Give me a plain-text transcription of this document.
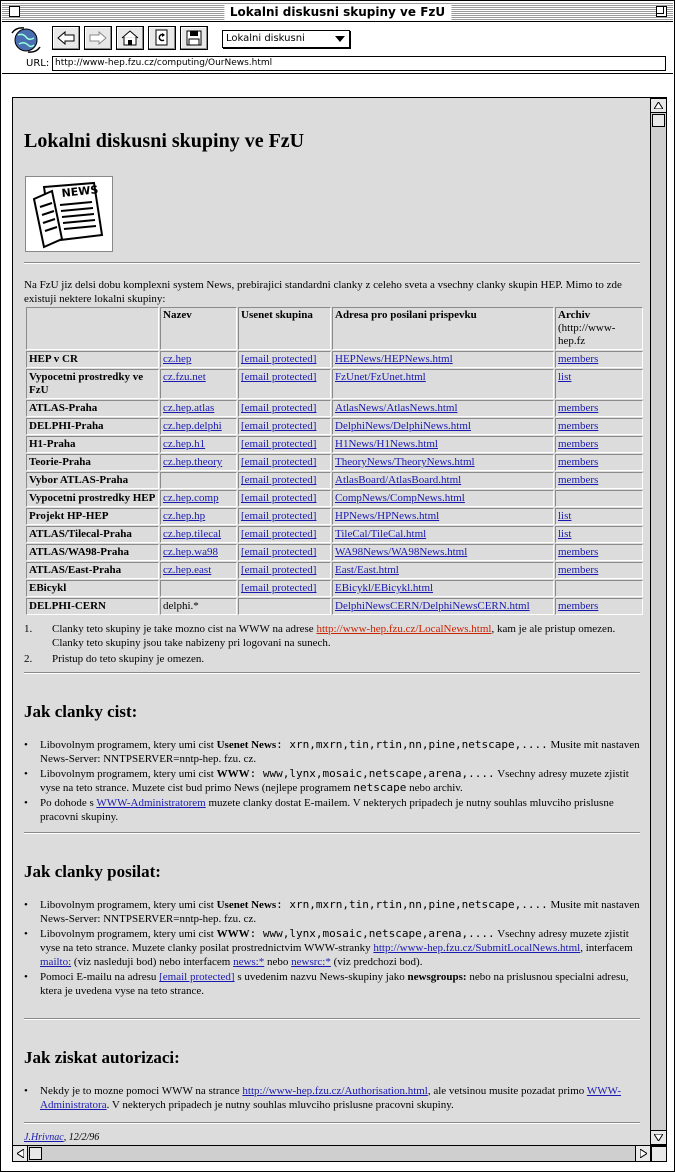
Lokalni diskusni skupiny ve FzU
Lokalni diskusni
URL: http://www-hep.fzu.cz/computing/OurNews.html
Lokalni diskusni skupiny ve FzU
NEWS
Na FzU jiz delsi dobu komplexni system News, prebirajici standardni clanky z celeho sveta a vsechny clanky skupin HEP. Mimo to zde existuji nektere lokalni skupiny:
	Nazev	Usenet skupina	Adresa pro posilani prispevku	Archiv
(http://www-hep.fz
HEP v CR	cz.hep	[email protected]	HEPNews/HEPNews.html	members
Vypocetni prostredky ve FzU	cz.fzu.net	[email protected]	FzUnet/FzUnet.html	list
ATLAS-Praha	cz.hep.atlas	[email protected]	AtlasNews/AtlasNews.html	members
DELPHI-Praha	cz.hep.delphi	[email protected]	DelphiNews/DelphiNews.html	members
H1-Praha	cz.hep.h1	[email protected]	H1News/H1News.html	members
Teorie-Praha	cz.hep.theory	[email protected]	TheoryNews/TheoryNews.html	members
Vybor ATLAS-Praha		[email protected]	AtlasBoard/AtlasBoard.html	members
Vypocetni prostredky HEP	cz.hep.comp	[email protected]	CompNews/CompNews.html	
Projekt HP-HEP	cz.hep.hp	[email protected]	HPNews/HPNews.html	list
ATLAS/Tilecal-Praha	cz.hep.tilecal	[email protected]	TileCal/TileCal.html	list
ATLAS/WA98-Praha	cz.hep.wa98	[email protected]	WA98News/WA98News.html	members
ATLAS/East-Praha	cz.hep.east	[email protected]	East/East.html	members
EBicykl		[email protected]	EBicykl/EBicykl.html	
DELPHI-CERN	delphi.*		DelphiNewsCERN/DelphiNewsCERN.html	members
1.	Clanky teto skupiny je take mozno cist na WWW na adrese http://www-hep.fzu.cz/LocalNews.html, kam je ale pristup omezen. Clanky teto skupiny jsou take nabizeny pri logovani na sunech.
2.	Pristup do teto skupiny je omezen.
Jak clanky cist:
• Libovolnym programem, ktery umi cist Usenet News: xrn,mxrn,tin,rtin,nn,pine,netscape,.... Musite mit nastaven News-Server: NNTPSERVER=nntp-hep. fzu. cz.
• Libovolnym programem, ktery umi cist WWW: www,lynx,mosaic,netscape,arena,.... Vsechny adresy muzete zjistit vyse na teto strance. Muzete cist bud primo News (nejlepe programem netscape nebo archiv.
• Po dohode s WWW-Administratorem muzete clanky dostat E-mailem. V nekterych pripadech je nutny souhlas mluvciho prislusne pracovni skupiny.
Jak clanky posilat:
• Libovolnym programem, ktery umi cist Usenet News: xrn,mxrn,tin,rtin,nn,pine,netscape,.... Musite mit nastaven News-Server: NNTPSERVER=nntp-hep. fzu. cz.
• Libovolnym programem, ktery umi cist WWW: www,lynx,mosaic,netscape,arena,.... Vsechny adresy muzete zjistit vyse na teto strance. Muzete clanky posilat prostrednictvim WWW-stranky http://www-hep.fzu.cz/SubmitLocalNews.html, interfacem mailto: (viz nasleduji bod) nebo interfacem news:* nebo newsrc:* (viz predchozi bod).
• Pomoci E-mailu na adresu [email protected] s uvedenim nazvu News-skupiny jako newsgroups: nebo na prislusnou specialni adresu, ktera je uvedena vyse na teto strance.
Jak ziskat autorizaci:
• Nekdy je to mozne pomoci WWW na strance http://www-hep.fzu.cz/Authorisation.html, ale vetsinou musite pozadat primo WWW-Administratora. V nekterych pripadech je nutny souhlas mluvciho prislusne pracovni skupiny.
J.Hrivnac, 12/2/96
